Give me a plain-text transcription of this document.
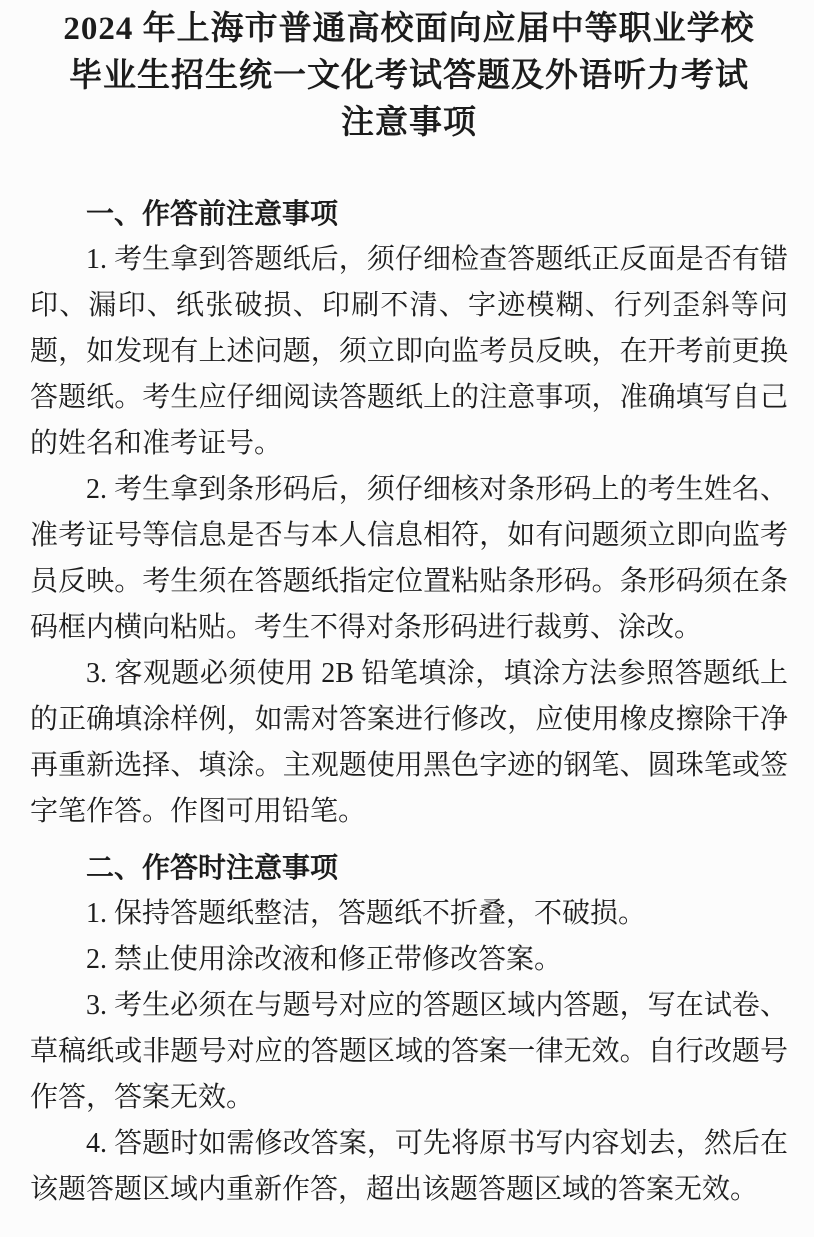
2024 年上海市普通高校面向应届中等职业学校
毕业生招生统一文化考试答题及外语听力考试
注意事项
一、作答前注意事项

1. 考生拿到答题纸后，须仔细检查答题纸正反面是否有错印、漏印、纸张破损、印刷不清、字迹模糊、行列歪斜等问题，如发现有上述问题，须立即向监考员反映，在开考前更换答题纸。考生应仔细阅读答题纸上的注意事项，准确填写自己的姓名和准考证号。

2. 考生拿到条形码后，须仔细核对条形码上的考生姓名、准考证号等信息是否与本人信息相符，如有问题须立即向监考员反映。考生须在答题纸指定位置粘贴条形码。条形码须在条码框内横向粘贴。考生不得对条形码进行裁剪、涂改。

3. 客观题必须使用 2B 铅笔填涂，填涂方法参照答题纸上的正确填涂样例，如需对答案进行修改，应使用橡皮擦除干净再重新选择、填涂。主观题使用黑色字迹的钢笔、圆珠笔或签字笔作答。作图可用铅笔。

二、作答时注意事项

1. 保持答题纸整洁，答题纸不折叠，不破损。

2. 禁止使用涂改液和修正带修改答案。

3. 考生必须在与题号对应的答题区域内答题，写在试卷、草稿纸或非题号对应的答题区域的答案一律无效。自行改题号作答，答案无效。

4. 答题时如需修改答案，可先将原书写内容划去，然后在该题答题区域内重新作答，超出该题答题区域的答案无效。
